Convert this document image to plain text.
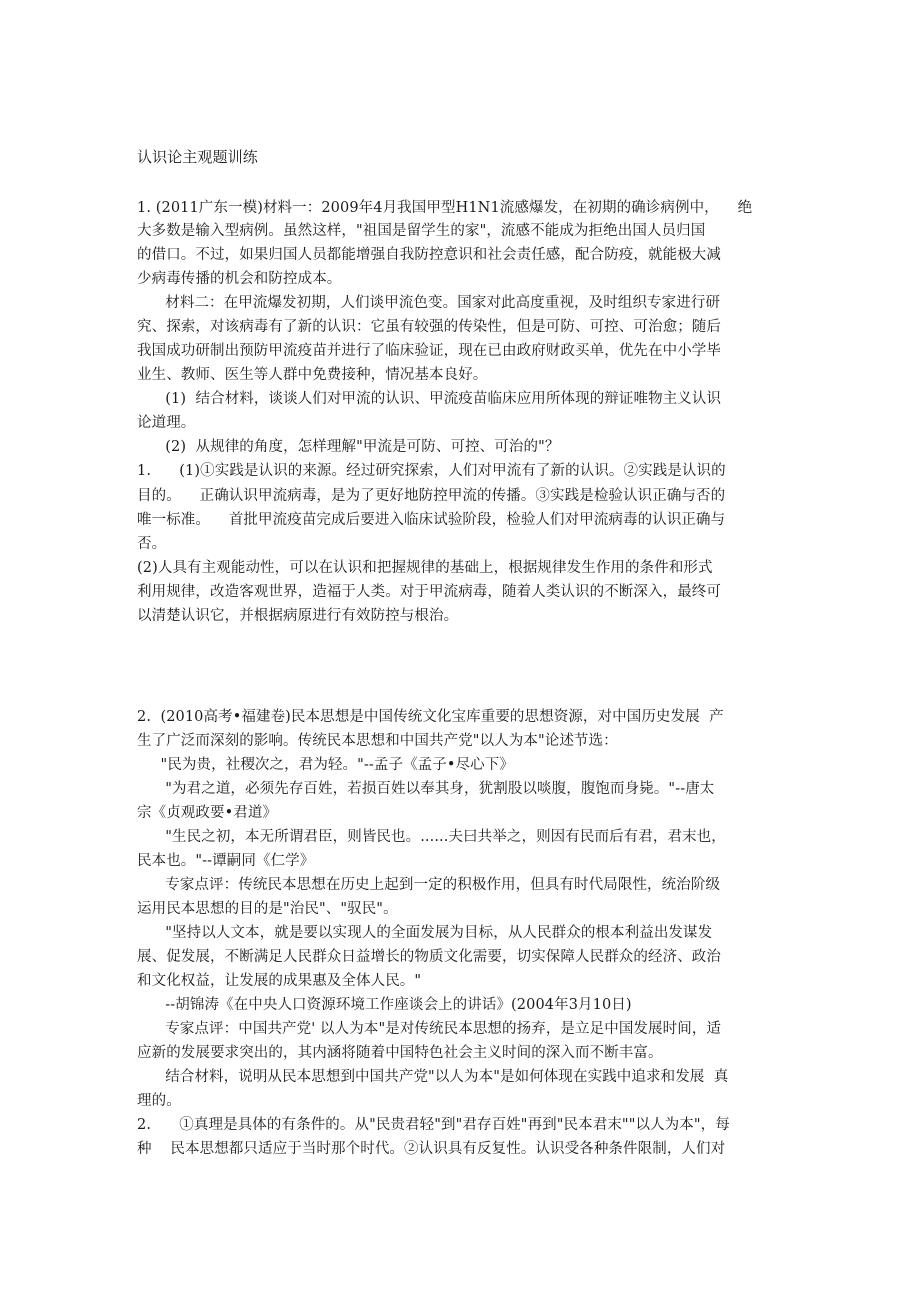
认识论主观题训练
1. (2011广东一模)材料一：2009年4月我国甲型H1N1流感爆发，在初期的确诊病例中，    绝
大多数是输入型病例。虽然这样，"祖国是留学生的家"，流感不能成为拒绝出国人员归国
的借口。不过，如果归国人员都能增强自我防控意识和社会责任感，配合防疫，就能极大减
少病毒传播的机会和防控成本。
材料二：在甲流爆发初期，人们谈甲流色变。国家对此高度重视，及时组织专家进行研
究、探索，对该病毒有了新的认识：它虽有较强的传染性，但是可防、可控、可治愈；随后
我国成功研制出预防甲流疫苗并进行了临床验证，现在已由政府财政买单，优先在中小学毕
业生、教师、医生等人群中免费接种，情况基本良好。
(1)  结合材料，谈谈人们对甲流的认识、甲流疫苗临床应用所体现的辩证唯物主义认识
论道理。
(2)  从规律的角度，怎样理解"甲流是可防、可控、可治的"？
1.      (1)①实践是认识的来源。经过研究探索，人们对甲流有了新的认识。②实践是认识的
目的。    正确认识甲流病毒，是为了更好地防控甲流的传播。③实践是检验认识正确与否的
唯一标准。    首批甲流疫苗完成后要进入临床试验阶段，检验人们对甲流病毒的认识正确与
否。
(2)人具有主观能动性，可以在认识和把握规律的基础上，根据规律发生作用的条件和形式
利用规律，改造客观世界，造福于人类。对于甲流病毒，随着人类认识的不断深入，最终可
以清楚认识它，并根据病原进行有效防控与根治。
2.  (2010高考•福建卷)民本思想是中国传统文化宝库重要的思想资源，对中国历史发展  产
生了广泛而深刻的影响。传统民本思想和中国共产党"以人为本"论述节选：
"民为贵，社稷次之，君为轻。"--孟子《孟子•尽心下》
"为君之道，必须先存百姓，若损百姓以奉其身，犹割股以啖腹，腹饱而身毙。"--唐太
宗《贞观政要•君道》
"生民之初，本无所谓君臣，则皆民也。......夫曰共举之，则因有民而后有君，君末也，
民本也。"--谭嗣同《仁学》
专家点评：传统民本思想在历史上起到一定的积极作用，但具有时代局限性，统治阶级
运用民本思想的目的是"治民"、"驭民"。
"坚持以人文本，就是要以实现人的全面发展为目标，从人民群众的根本利益出发谋发
展、促发展，不断满足人民群众日益增长的物质文化需要，切实保障人民群众的经济、政治
和文化权益，让发展的成果惠及全体人民。"
--胡锦涛《在中央人口资源环境工作座谈会上的讲话》(2004年3月10日)
专家点评：中国共产党' 以人为本"是对传统民本思想的扬弃，是立足中国发展时间，适
应新的发展要求突出的，其内涵将随着中国特色社会主义时间的深入而不断丰富。
结合材料，说明从民本思想到中国共产党"以人为本"是如何体现在实践中追求和发展  真
理的。
2.      ①真理是具体的有条件的。从"民贵君轻"到"君存百姓"再到"民本君末""以人为本"，每
种    民本思想都只适应于当时那个时代。②认识具有反复性。认识受各种条件限制，人们对
